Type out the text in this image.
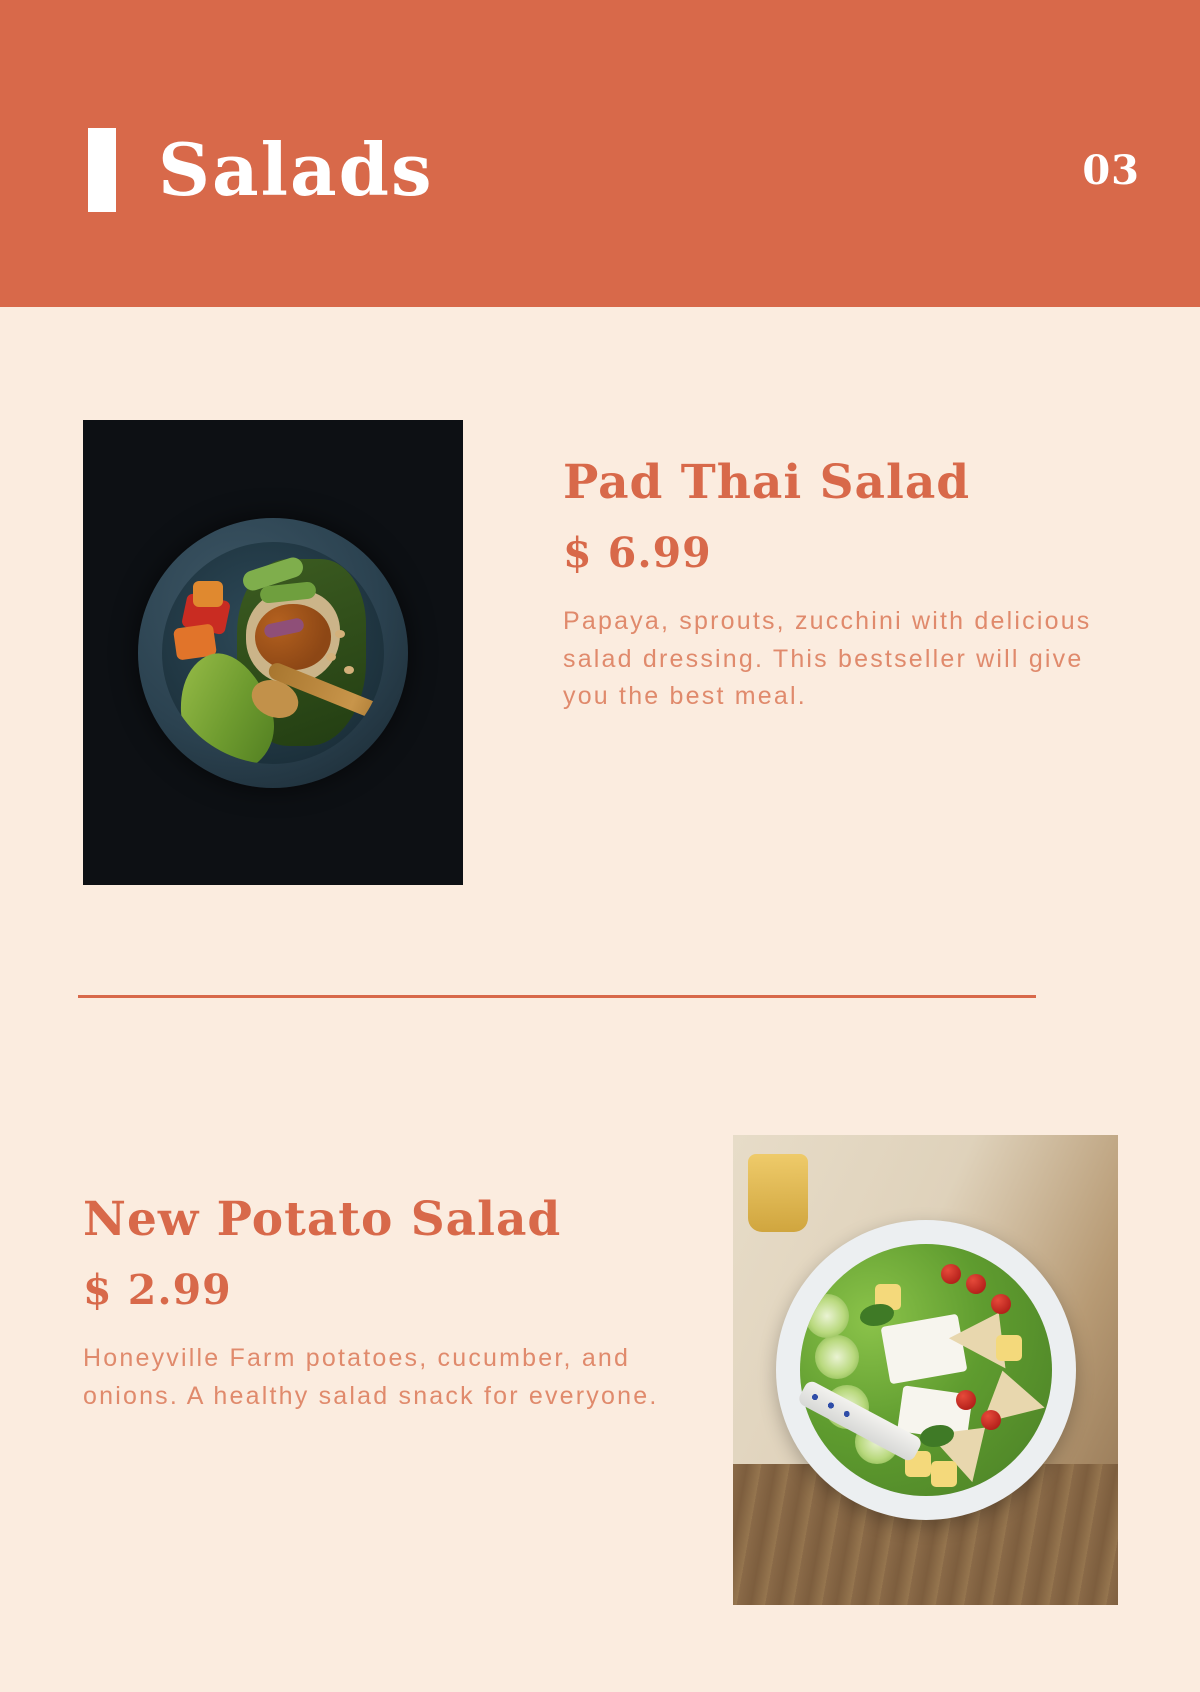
Salads	03
Pad Thai Salad
$ 6.99

Papaya, sprouts, zucchini with delicious salad dressing. This bestseller will give you the best meal.

New Potato Salad
$ 2.99

Honeyville Farm potatoes, cucumber, and onions. A healthy salad snack for everyone.
